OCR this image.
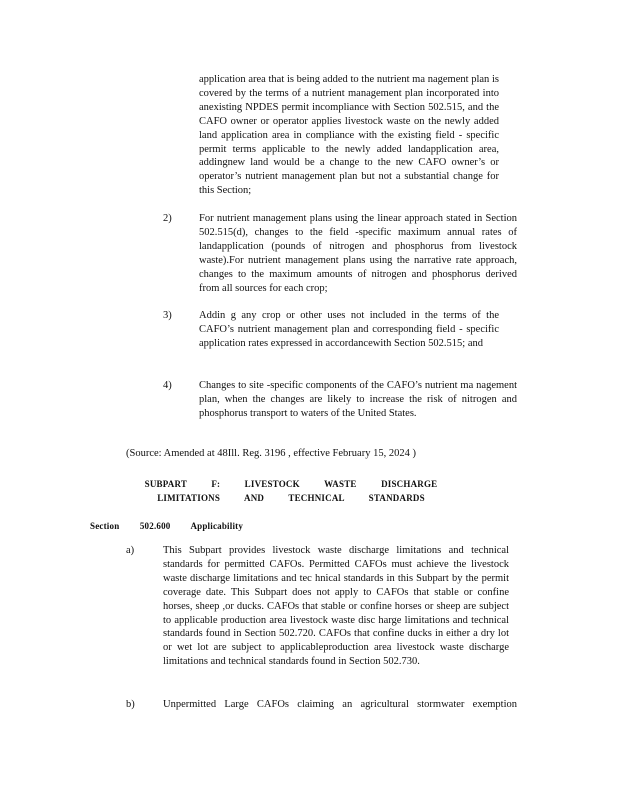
application area that is being added to the nutrient ma nagement plan is covered by the terms of a nutrient management plan incorporated into anexisting NPDES permit incompliance with Section 502.515, and the CAFO owner or operator applies livestock waste on the newly added land application area in compliance with the existing field - specific permit terms applicable to the newly added landapplication area, addingnew land would be a change to the new CAFO owner’s or operator’s nutrient management plan but not a substantial change for this Section;
2)	For nutrient management plans using the linear approach stated in Section 502.515(d), changes to the field -specific maximum annual rates of landapplication (pounds of nitrogen and phosphorus from livestock waste).For nutrient management plans using the narrative rate approach, changes to the maximum amounts of nitrogen and phosphorus derived from all sources for each crop;
3)	Addin g any crop or other uses not included in the terms of the CAFO’s nutrient management plan and corresponding field - specific application rates expressed in accordancewith Section 502.515; and
4)	Changes to site -specific components of the CAFO’s nutrient ma nagement plan, when the changes are likely to increase the risk of nitrogen and phosphorus transport to waters of the United States.
(Source: Amended at 48Ill. Reg. 3196 , effective February 15, 2024 )
SUBPART F: LIVESTOCK WASTE DISCHARGE LIMITATIONS AND TECHNICAL STANDARDS
Section 502.600 Applicability
a)	This Subpart provides livestock waste discharge limitations and technical standards for permitted CAFOs. Permitted CAFOs must achieve the livestock waste discharge limitations and tec hnical standards in this Subpart by the permit coverage date. This Subpart does not apply to CAFOs that stable or confine horses, sheep ,or ducks. CAFOs that stable or confine horses or sheep are subject to applicable production area livestock waste disc harge limitations and technical standards found in Section 502.720. CAFOs that confine ducks in either a dry lot or wet lot are subject to applicableproduction area livestock waste discharge limitations and technical standards found in Section 502.730.
b)	Unpermitted Large CAFOs claiming an agricultural stormwater exemption
